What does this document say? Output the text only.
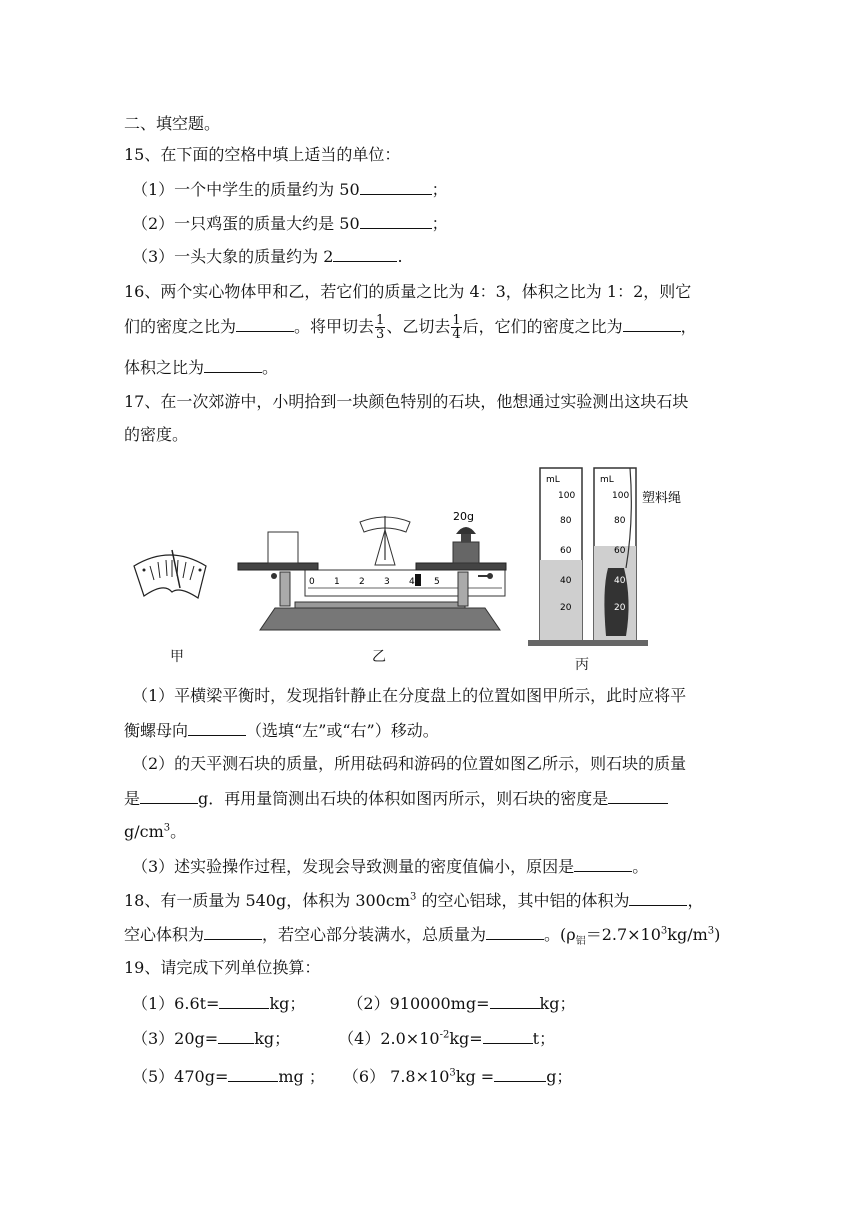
二、填空题。
15、在下面的空格中填上适当的单位：
（1）一个中学生的质量约为 50	；
（2）一只鸡蛋的质量大约是 50	；
（3）一头大象的质量约为 2	.
16、两个实心物体甲和乙，若它们的质量之比为 4：3，体积之比为 1：2，则它
们的密度之比为	。将甲切去 $\frac{1}{3}$ 、乙切去 $\frac{1}{4}$ 后，它们的密度之比为	，
体积之比为	。
17、在一次郊游中，小明拾到一块颜色特别的石块，他想通过实验测出这块石块
的密度。
20g
0 1 2 3 4 5
mL
100
80
60
40
20
mL
100
80
60
40
20
塑料绳
甲	乙	丙
（1）平横梁平衡时，发现指针静止在分度盘上的位置如图甲所示，此时应将平
衡螺母向	（选填“左”或“右”）移动。
（2）的天平测石块的质量，所用砝码和游码的位置如图乙所示，则石块的质量
是	g．再用量筒测出石块的体积如图丙所示，则石块的密度是
$g/cm^3$。
（3）述实验操作过程，发现会导致测量的密度值偏小，原因是	。
18、有一质量为 540g，体积为 $300cm^3$ 的空心铝球，其中铝的体积为	，
空心体积为	，若空心部分装满水，总质量为	。$(\rho_铝=2.7\times 10^3kg/m^3)$
19、请完成下列单位换算：
（1）6.6t=	kg；	（2）910000mg=	kg；
（3）20g= kg；	$(4)2.0\times 10^{-2}kg=$	t；
（5）470g=	mg ； （6） $7.8\times 10^3kg$ =	g；
